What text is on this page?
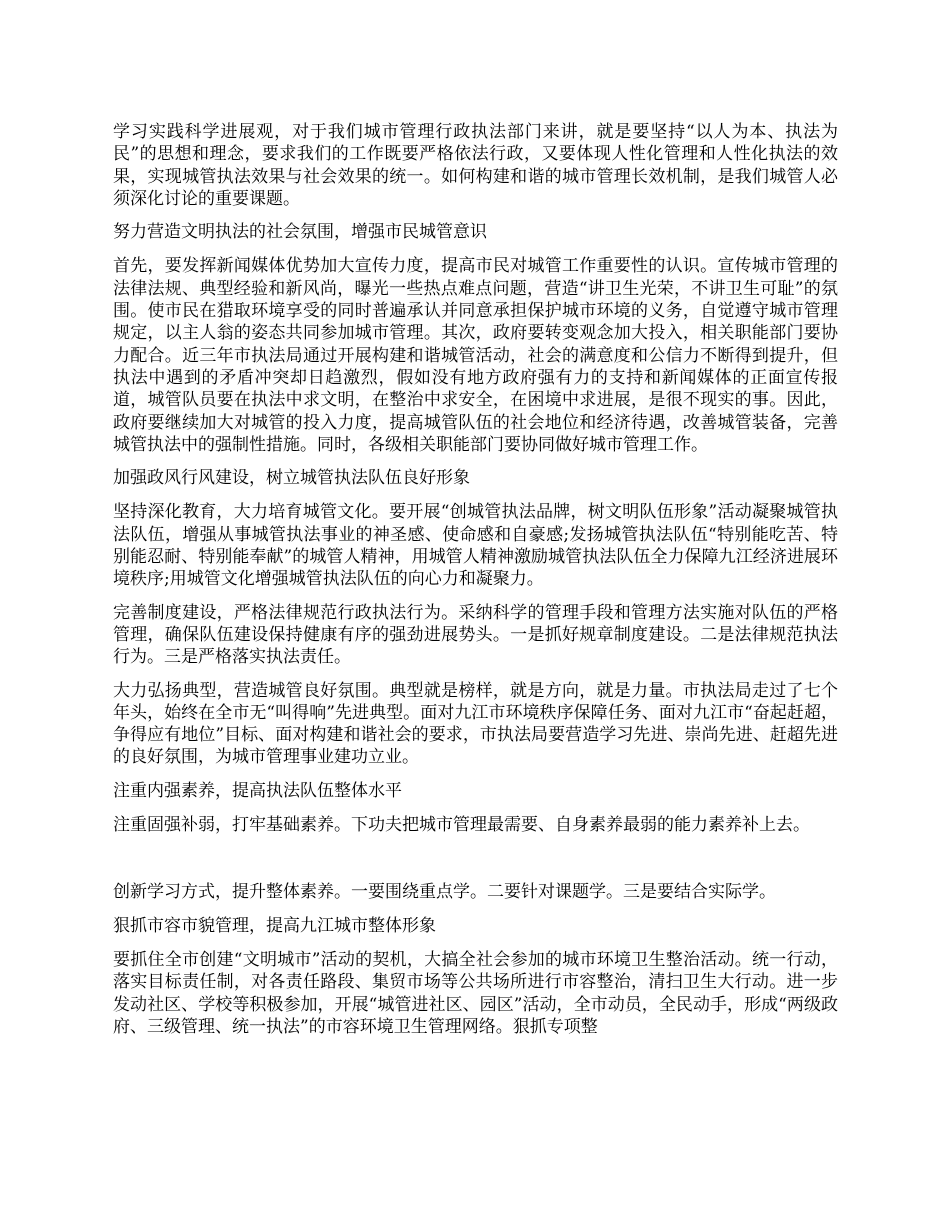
学习实践科学进展观，对于我们城市管理行政执法部门来讲，就是要坚持“以人为本、执法为民”的思想和理念，要求我们的工作既要严格依法行政，又要体现人性化管理和人性化执法的效果，实现城管执法效果与社会效果的统一。如何构建和谐的城市管理长效机制，是我们城管人必须深化讨论的重要课题。

努力营造文明执法的社会氛围，增强市民城管意识

首先，要发挥新闻媒体优势加大宣传力度，提高市民对城管工作重要性的认识。宣传城市管理的法律法规、典型经验和新风尚，曝光一些热点难点问题，营造“讲卫生光荣，不讲卫生可耻”的氛围。使市民在猎取环境享受的同时普遍承认并同意承担保护城市环境的义务，自觉遵守城市管理规定，以主人翁的姿态共同参加城市管理。其次，政府要转变观念加大投入，相关职能部门要协力配合。近三年市执法局通过开展构建和谐城管活动，社会的满意度和公信力不断得到提升，但执法中遇到的矛盾冲突却日趋激烈，假如没有地方政府强有力的支持和新闻媒体的正面宣传报道，城管队员要在执法中求文明，在整治中求安全，在困境中求进展，是很不现实的事。因此，政府要继续加大对城管的投入力度，提高城管队伍的社会地位和经济待遇，改善城管装备，完善城管执法中的强制性措施。同时，各级相关职能部门要协同做好城市管理工作。

加强政风行风建设，树立城管执法队伍良好形象

坚持深化教育，大力培育城管文化。要开展“创城管执法品牌，树文明队伍形象”活动凝聚城管执法队伍，增强从事城管执法事业的神圣感、使命感和自豪感;发扬城管执法队伍“特别能吃苦、特别能忍耐、特别能奉献”的城管人精神，用城管人精神激励城管执法队伍全力保障九江经济进展环境秩序;用城管文化增强城管执法队伍的向心力和凝聚力。

完善制度建设，严格法律规范行政执法行为。采纳科学的管理手段和管理方法实施对队伍的严格管理，确保队伍建设保持健康有序的强劲进展势头。一是抓好规章制度建设。二是法律规范执法行为。三是严格落实执法责任。

大力弘扬典型，营造城管良好氛围。典型就是榜样，就是方向，就是力量。市执法局走过了七个年头，始终在全市无“叫得响”先进典型。面对九江市环境秩序保障任务、面对九江市“奋起赶超，争得应有地位”目标、面对构建和谐社会的要求，市执法局要营造学习先进、崇尚先进、赶超先进的良好氛围，为城市管理事业建功立业。

注重内强素养，提高执法队伍整体水平

注重固强补弱，打牢基础素养。下功夫把城市管理最需要、自身素养最弱的能力素养补上去。

创新学习方式，提升整体素养。一要围绕重点学。二要针对课题学。三是要结合实际学。

狠抓市容市貌管理，提高九江城市整体形象

要抓住全市创建“文明城市”活动的契机，大搞全社会参加的城市环境卫生整治活动。统一行动，落实目标责任制，对各责任路段、集贸市场等公共场所进行市容整治，清扫卫生大行动。进一步发动社区、学校等积极参加，开展“城管进社区、园区”活动，全市动员，全民动手，形成“两级政府、三级管理、统一执法”的市容环境卫生管理网络。狠抓专项整
